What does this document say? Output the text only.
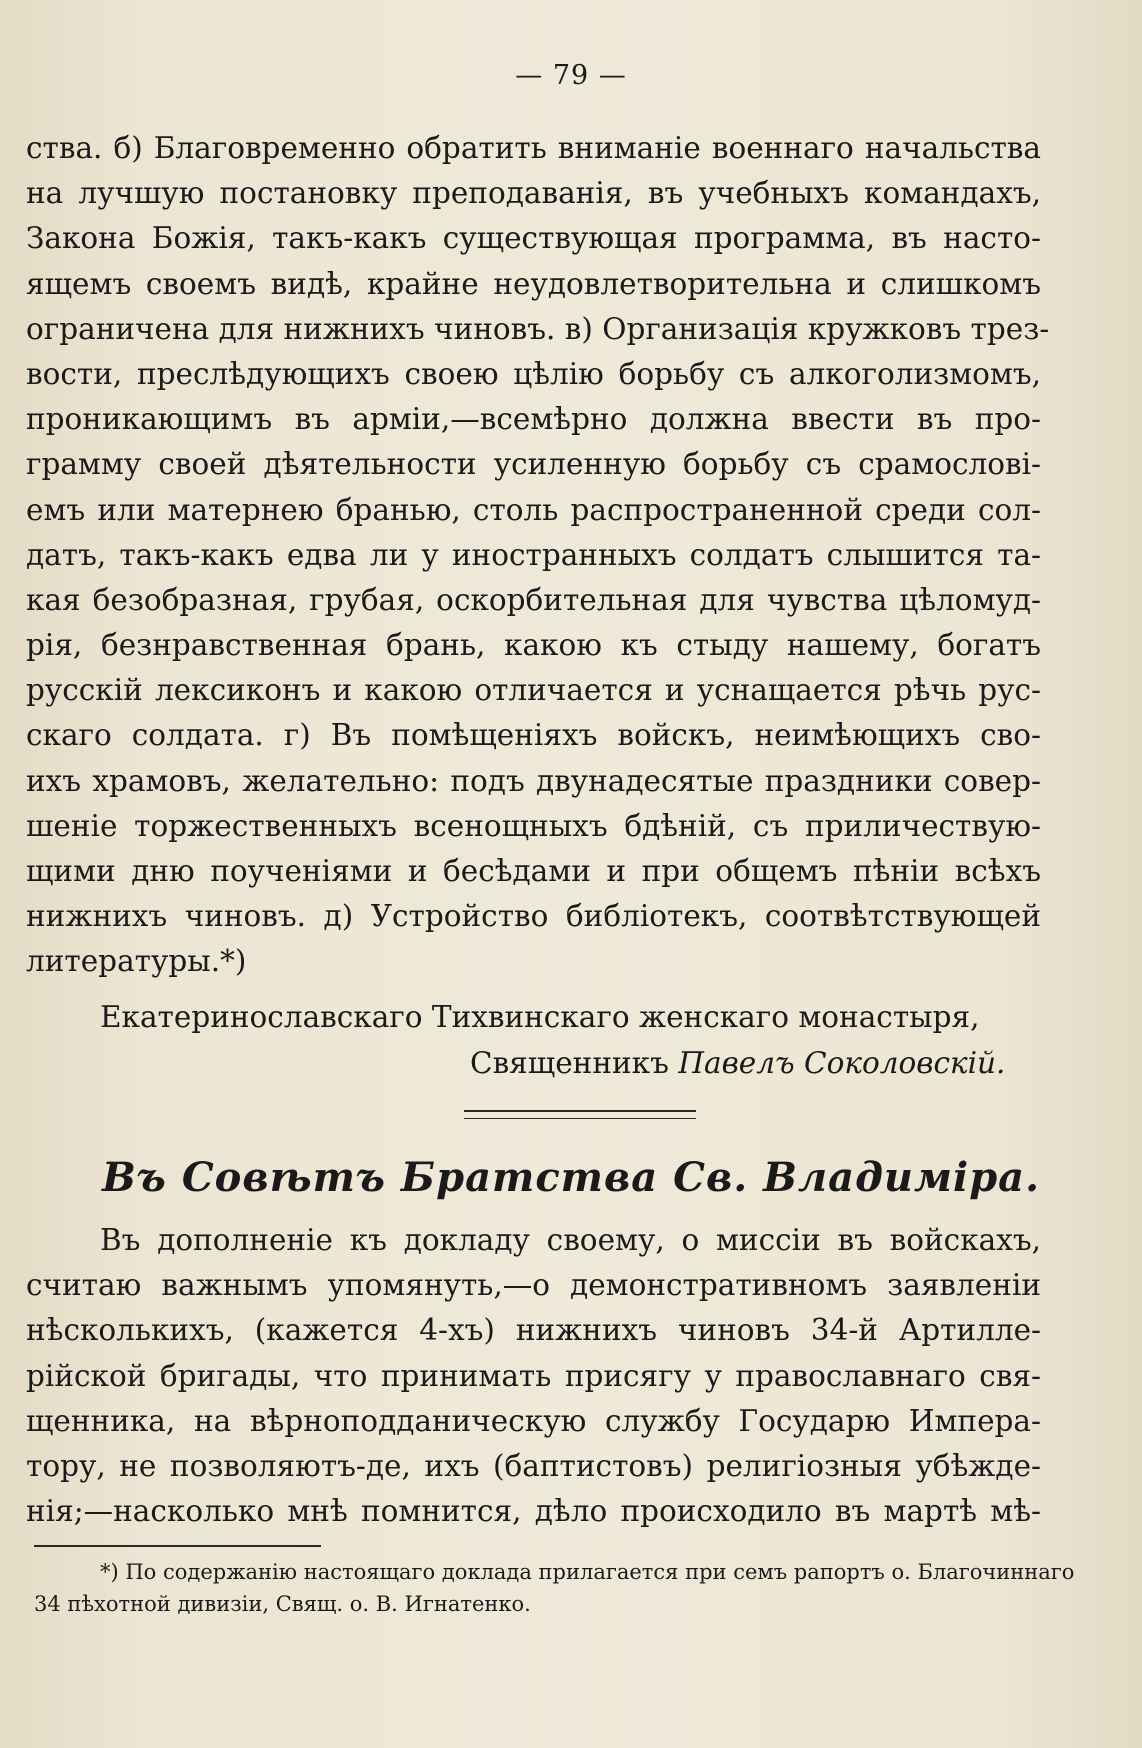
— 79 —
ства. б) Благовременно обратить вниманіе военнаго начальства
на лучшую постановку преподаванія, въ учебныхъ командахъ,
Закона Божія, такъ-какъ существующая программа, въ насто-
ящемъ своемъ видѣ, крайне неудовлетворительна и слишкомъ
ограничена для нижнихъ чиновъ. в) Организація кружковъ трез-
вости, преслѣдующихъ своею цѣлію борьбу съ алкоголизмомъ,
проникающимъ въ арміи,—всемѣрно должна ввести въ про-
грамму своей дѣятельности усиленную борьбу съ срамослові-
емъ или матернею бранью, столь распространенной среди сол-
датъ, такъ-какъ едва ли у иностранныхъ солдатъ слышится та-
кая безобразная, грубая, оскорбительная для чувства цѣломуд-
рія, безнравственная брань, какою къ стыду нашему, богатъ
русскій лексиконъ и какою отличается и уснащается рѣчь рус-
скаго солдата. г) Въ помѣщеніяхъ войскъ, неимѣющихъ сво-
ихъ храмовъ, желательно: подъ двунадесятые праздники совер-
шеніе торжественныхъ всенощныхъ бдѣній, съ приличествую-
щими дню поученіями и бесѣдами и при общемъ пѣніи всѣхъ
нижнихъ чиновъ. д) Устройство библіотекъ, соотвѣтствующей
литературы.*)
Екатеринославскаго Тихвинскаго женскаго монастыря,
Священникъ Павелъ Соколовскій.
Въ Совѣтъ Братства Св. Владиміра.
Въ дополненіе къ докладу своему, о миссіи въ войскахъ,
считаю важнымъ упомянуть,—о демонстративномъ заявленіи
нѣсколькихъ, (кажется 4-хъ) нижнихъ чиновъ 34-й Артилле-
рійской бригады, что принимать присягу у православнаго свя-
щенника, на вѣрноподданическую службу Государю Импера-
тору, не позволяютъ-де, ихъ (баптистовъ) религіозныя убѣжде-
нія;—насколько мнѣ помнится, дѣло происходило въ мартѣ мѣ-
*) По содержанію настоящаго доклада прилагается при семъ рапортъ о. Благочиннаго
34 пѣхотной дивизіи, Свящ. о. В. Игнатенко.
